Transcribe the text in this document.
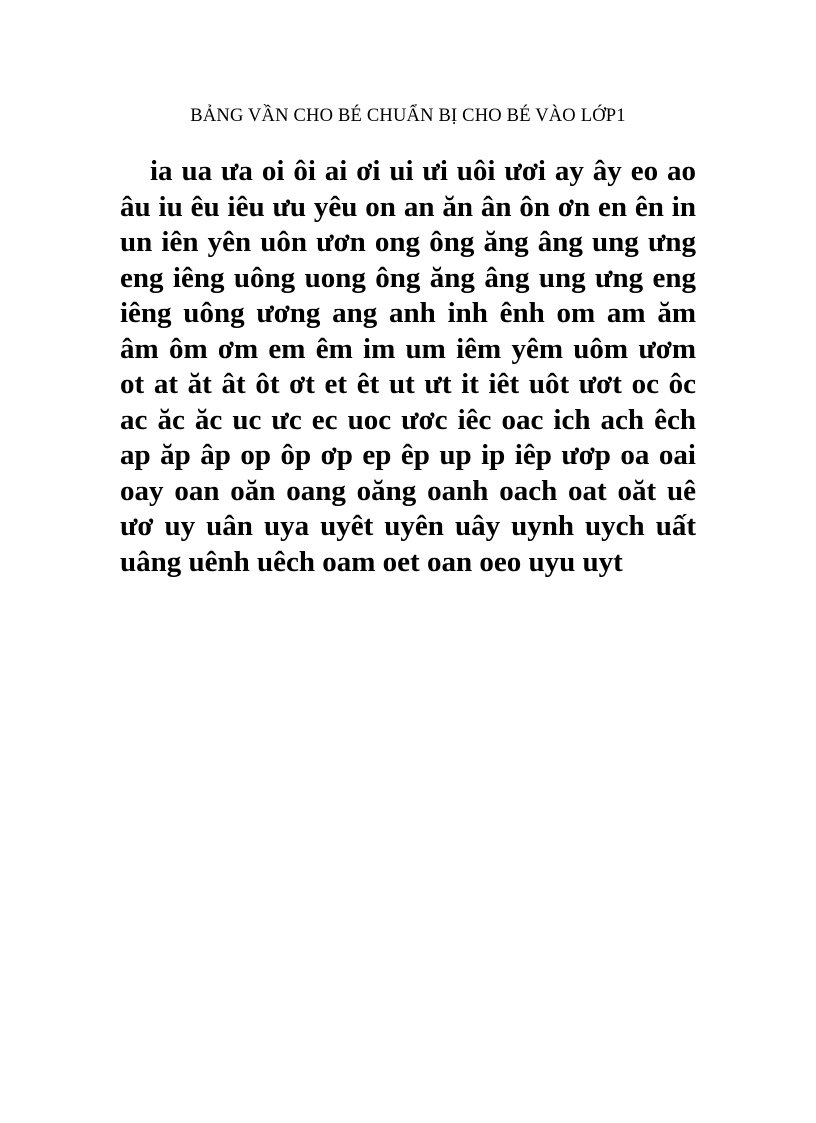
BẢNG VẦN CHO BÉ CHUẨN BỊ CHO BÉ VÀO LỚP1
ia ua ưa oi ôi ai ơi ui ưi uôi ươi ay ây eo ao
âu iu êu iêu ưu yêu on an ăn ân ôn ơn en ên in
un iên yên uôn ươn ong ông ăng âng ung ưng
eng iêng uông uong ông ăng âng ung ưng eng
iêng uông ương ang anh inh ênh om am ăm
âm ôm ơm em êm im um iêm yêm uôm ươm
ot at ăt ât ôt ơt et êt ut ưt it iêt uôt ươt oc ôc
ac ăc ăc uc ưc ec uoc ươc iêc oac ich ach êch
ap ăp âp op ôp ơp ep êp up ip iêp ươp oa oai
oay oan oăn oang oăng oanh oach oat oăt uê
ươ uy uân uya uyêt uyên uây uynh uych uất
uâng uênh uêch oam oet oan oeo uyu uyt
